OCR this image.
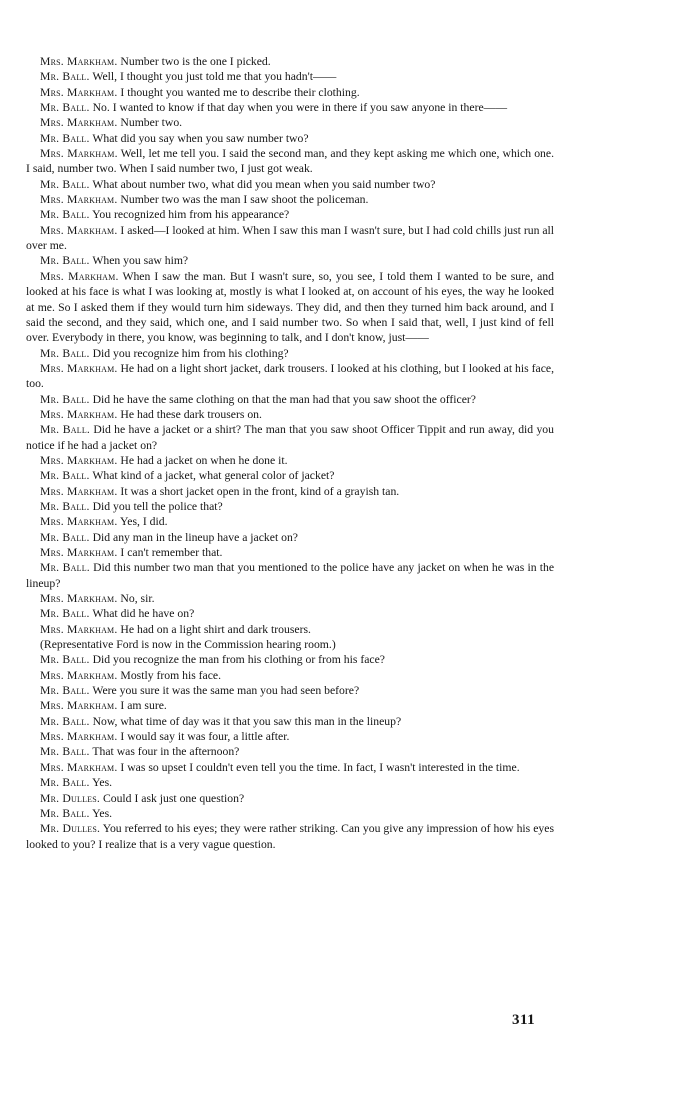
Mrs. Markham. Number two is the one I picked.

Mr. Ball. Well, I thought you just told me that you hadn't——

Mrs. Markham. I thought you wanted me to describe their clothing.

Mr. Ball. No. I wanted to know if that day when you were in there if you saw anyone in there——

Mrs. Markham. Number two.

Mr. Ball. What did you say when you saw number two?

Mrs. Markham. Well, let me tell you. I said the second man, and they kept asking me which one, which one. I said, number two. When I said number two, I just got weak.

Mr. Ball. What about number two, what did you mean when you said number two?

Mrs. Markham. Number two was the man I saw shoot the policeman.

Mr. Ball. You recognized him from his appearance?

Mrs. Markham. I asked—I looked at him. When I saw this man I wasn't sure, but I had cold chills just run all over me.

Mr. Ball. When you saw him?

Mrs. Markham. When I saw the man. But I wasn't sure, so, you see, I told them I wanted to be sure, and looked at his face is what I was looking at, mostly is what I looked at, on account of his eyes, the way he looked at me. So I asked them if they would turn him sideways. They did, and then they turned him back around, and I said the second, and they said, which one, and I said number two. So when I said that, well, I just kind of fell over. Everybody in there, you know, was beginning to talk, and I don't know, just——

Mr. Ball. Did you recognize him from his clothing?

Mrs. Markham. He had on a light short jacket, dark trousers. I looked at his clothing, but I looked at his face, too.

Mr. Ball. Did he have the same clothing on that the man had that you saw shoot the officer?

Mrs. Markham. He had these dark trousers on.

Mr. Ball. Did he have a jacket or a shirt? The man that you saw shoot Officer Tippit and run away, did you notice if he had a jacket on?

Mrs. Markham. He had a jacket on when he done it.

Mr. Ball. What kind of a jacket, what general color of jacket?

Mrs. Markham. It was a short jacket open in the front, kind of a grayish tan.

Mr. Ball. Did you tell the police that?

Mrs. Markham. Yes, I did.

Mr. Ball. Did any man in the lineup have a jacket on?

Mrs. Markham. I can't remember that.

Mr. Ball. Did this number two man that you mentioned to the police have any jacket on when he was in the lineup?

Mrs. Markham. No, sir.

Mr. Ball. What did he have on?

Mrs. Markham. He had on a light shirt and dark trousers.

(Representative Ford is now in the Commission hearing room.)

Mr. Ball. Did you recognize the man from his clothing or from his face?

Mrs. Markham. Mostly from his face.

Mr. Ball. Were you sure it was the same man you had seen before?

Mrs. Markham. I am sure.

Mr. Ball. Now, what time of day was it that you saw this man in the lineup?

Mrs. Markham. I would say it was four, a little after.

Mr. Ball. That was four in the afternoon?

Mrs. Markham. I was so upset I couldn't even tell you the time. In fact, I wasn't interested in the time.

Mr. Ball. Yes.

Mr. Dulles. Could I ask just one question?

Mr. Ball. Yes.

Mr. Dulles. You referred to his eyes; they were rather striking. Can you give any impression of how his eyes looked to you? I realize that is a very vague question.

311
